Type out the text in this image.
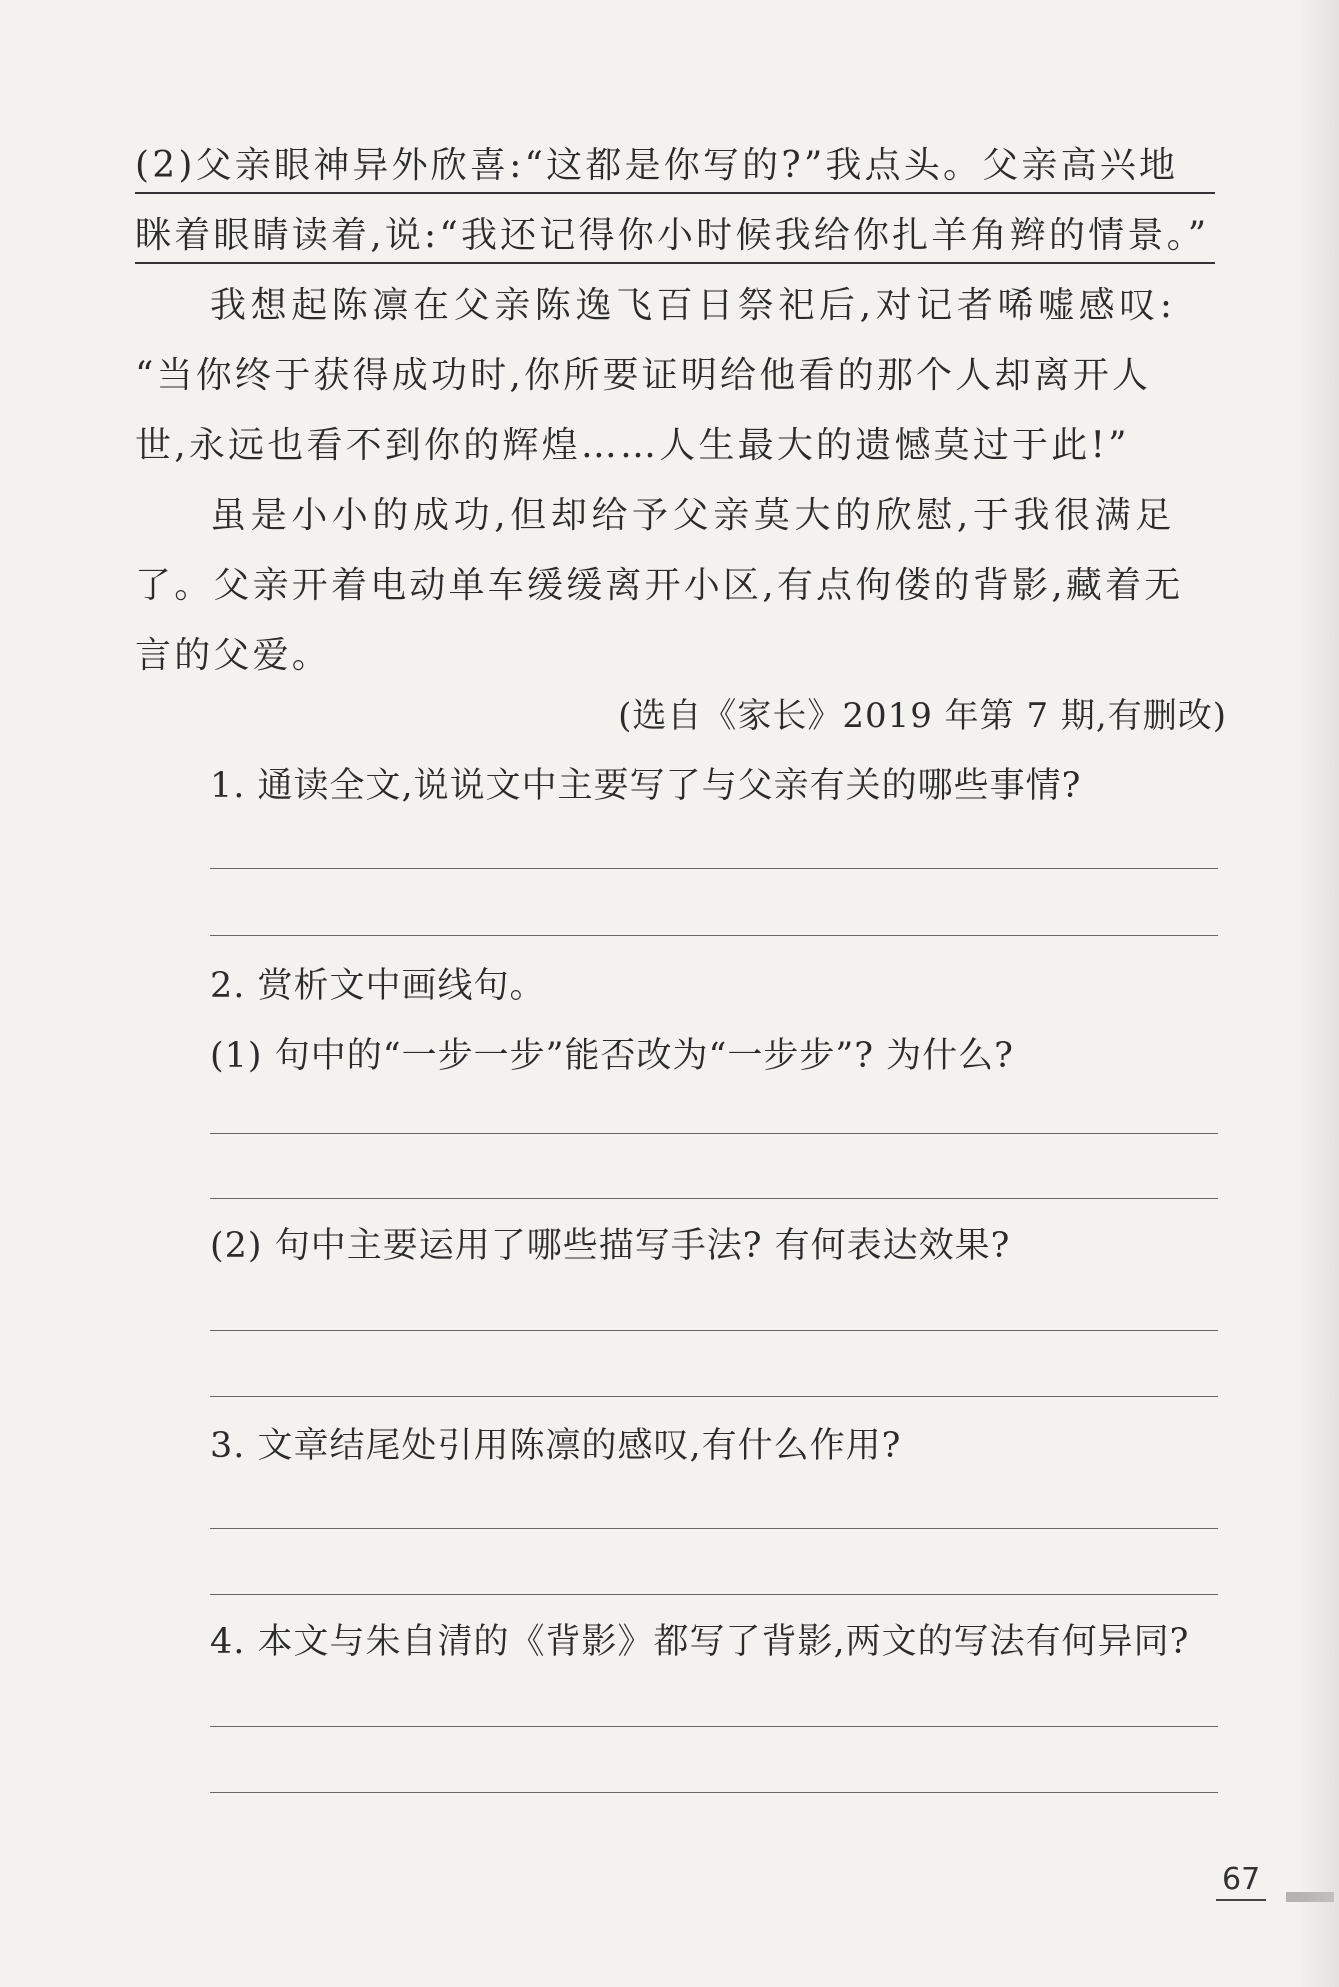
(2)父亲眼神异外欣喜:“这都是你写的?”我点头。父亲高兴地
眯着眼睛读着,说:“我还记得你小时候我给你扎羊角辫的情景。”
我想起陈凛在父亲陈逸飞百日祭祀后,对记者唏嘘感叹:
“当你终于获得成功时,你所要证明给他看的那个人却离开人
世,永远也看不到你的辉煌……人生最大的遗憾莫过于此!”
虽是小小的成功,但却给予父亲莫大的欣慰,于我很满足
了。父亲开着电动单车缓缓离开小区,有点佝偻的背影,藏着无
言的父爱。
(选自《家长》2019 年第 7 期,有删改)
1. 通读全文,说说文中主要写了与父亲有关的哪些事情?
2. 赏析文中画线句。
(1) 句中的“一步一步”能否改为“一步步”? 为什么?
(2) 句中主要运用了哪些描写手法? 有何表达效果?
3. 文章结尾处引用陈凛的感叹,有什么作用?
4. 本文与朱自清的《背影》都写了背影,两文的写法有何异同?
67
